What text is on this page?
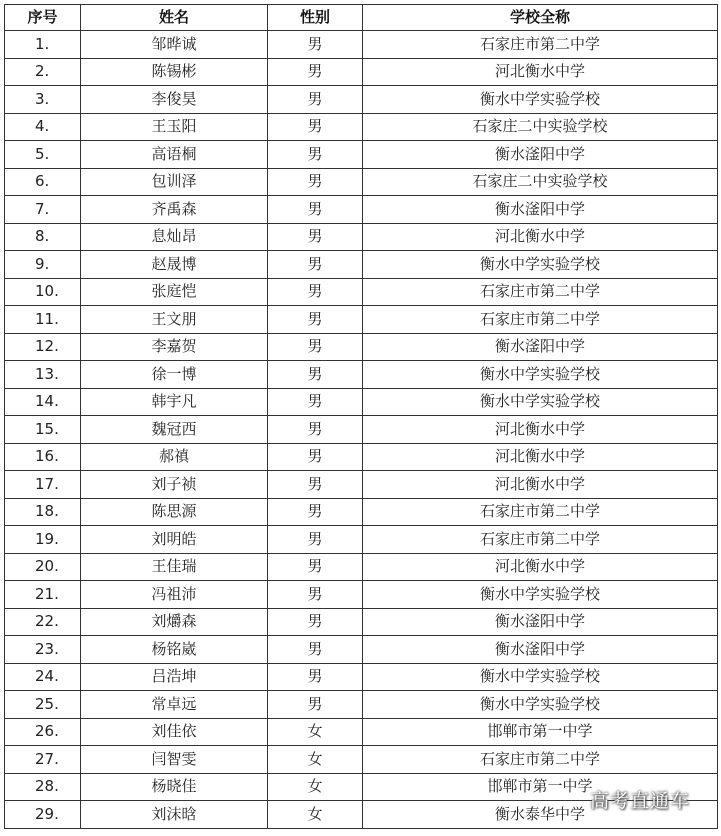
序号	姓名	性别	学校全称
1.	邹晔诚	男	石家庄市第二中学
2.	陈锡彬	男	河北衡水中学
3.	李俊昊	男	衡水中学实验学校
4.	王玉阳	男	石家庄二中实验学校
5.	高语桐	男	衡水滏阳中学
6.	包训泽	男	石家庄二中实验学校
7.	齐禹森	男	衡水滏阳中学
8.	息灿昂	男	河北衡水中学
9.	赵晟博	男	衡水中学实验学校
10.	张庭恺	男	石家庄市第二中学
11.	王文朋	男	石家庄市第二中学
12.	李嘉贺	男	衡水滏阳中学
13.	徐一博	男	衡水中学实验学校
14.	韩宇凡	男	衡水中学实验学校
15.	魏冠西	男	河北衡水中学
16.	郝禛	男	河北衡水中学
17.	刘子祯	男	河北衡水中学
18.	陈思源	男	石家庄市第二中学
19.	刘明皓	男	石家庄市第二中学
20.	王佳瑞	男	河北衡水中学
21.	冯祖沛	男	衡水中学实验学校
22.	刘爝森	男	衡水滏阳中学
23.	杨铭崴	男	衡水滏阳中学
24.	吕浩坤	男	衡水中学实验学校
25.	常卓远	男	衡水中学实验学校
26.	刘佳依	女	邯郸市第一中学
27.	闫智雯	女	石家庄市第二中学
28.	杨晓佳	女	邯郸市第一中学
29.	刘沫晗	女	衡水泰华中学
高考直通车
